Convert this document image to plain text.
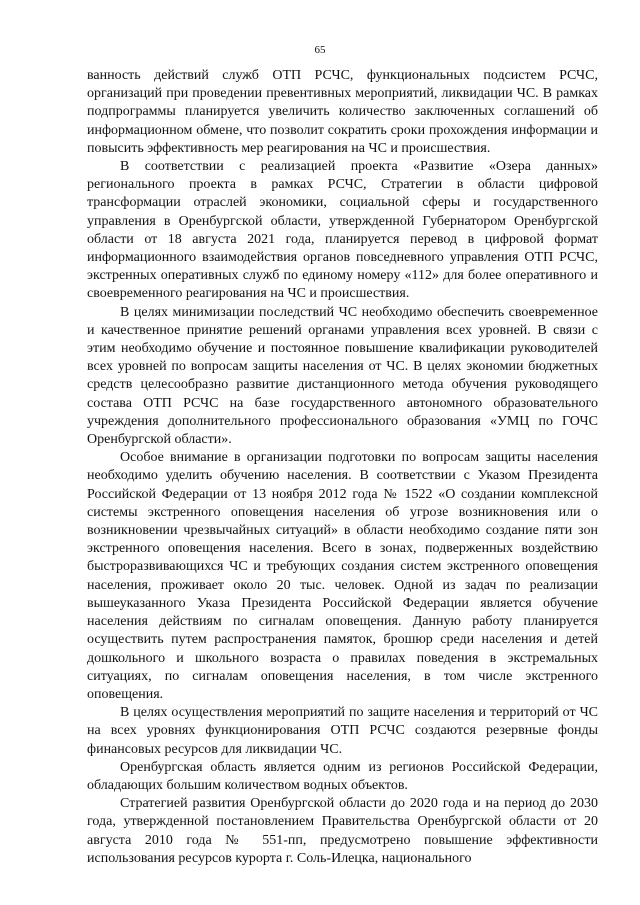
65

ванность действий служб ОТП РСЧС, функциональных подсистем РСЧС, организаций при проведении превентивных мероприятий, ликвидации ЧС. В рамках подпрограммы планируется увеличить количество заключенных соглашений об информационном обмене, что позволит сократить сроки прохождения информации и повысить эффективность мер реагирования на ЧС и происшествия.

В соответствии с реализацией проекта «Развитие «Озера данных» регионального проекта в рамках РСЧС, Стратегии в области цифровой трансформации отраслей экономики, социальной сферы и государственного управления в Оренбургской области, утвержденной Губернатором Оренбургской области от 18 августа 2021 года, планируется перевод в цифровой формат информационного взаимодействия органов повседневного управления ОТП РСЧС, экстренных оперативных служб по единому номеру «112» для более оперативного и своевременного реагирования на ЧС и происшествия.

В целях минимизации последствий ЧС необходимо обеспечить своевременное и качественное принятие решений органами управления всех уровней. В связи с этим необходимо обучение и постоянное повышение квалификации руководителей всех уровней по вопросам защиты населения от ЧС. В целях экономии бюджетных средств целесообразно развитие дистанционного метода обучения руководящего состава ОТП РСЧС на базе государственного автономного образовательного учреждения дополнительного профессионального образования «УМЦ по ГОЧС Оренбургской области».

Особое внимание в организации подготовки по вопросам защиты населения необходимо уделить обучению населения. В соответствии с Указом Президента Российской Федерации от 13 ноября 2012 года № 1522 «О создании комплексной системы экстренного оповещения населения об угрозе возникновения или о возникновении чрезвычайных ситуаций» в области необходимо создание пяти зон экстренного оповещения населения. Всего в зонах, подверженных воздействию быстроразвивающихся ЧС и требующих создания систем экстренного оповещения населения, проживает около 20 тыс. человек. Одной из задач по реализации вышеуказанного Указа Президента Российской Федерации является обучение населения действиям по сигналам оповещения. Данную работу планируется осуществить путем распространения памяток, брошюр среди населения и детей дошкольного и школьного возраста о правилах поведения в экстремальных ситуациях, по сигналам оповещения населения, в том числе экстренного оповещения.

В целях осуществления мероприятий по защите населения и территорий от ЧС на всех уровнях функционирования ОТП РСЧС создаются резервные фонды финансовых ресурсов для ликвидации ЧС.

Оренбургская область является одним из регионов Российской Федерации, обладающих большим количеством водных объектов.

Стратегией развития Оренбургской области до 2020 года и на период до 2030 года, утвержденной постановлением Правительства Оренбургской области от 20 августа 2010 года № 551-пп, предусмотрено повышение эффективности использования ресурсов курорта г. Соль-Илецка, национального
